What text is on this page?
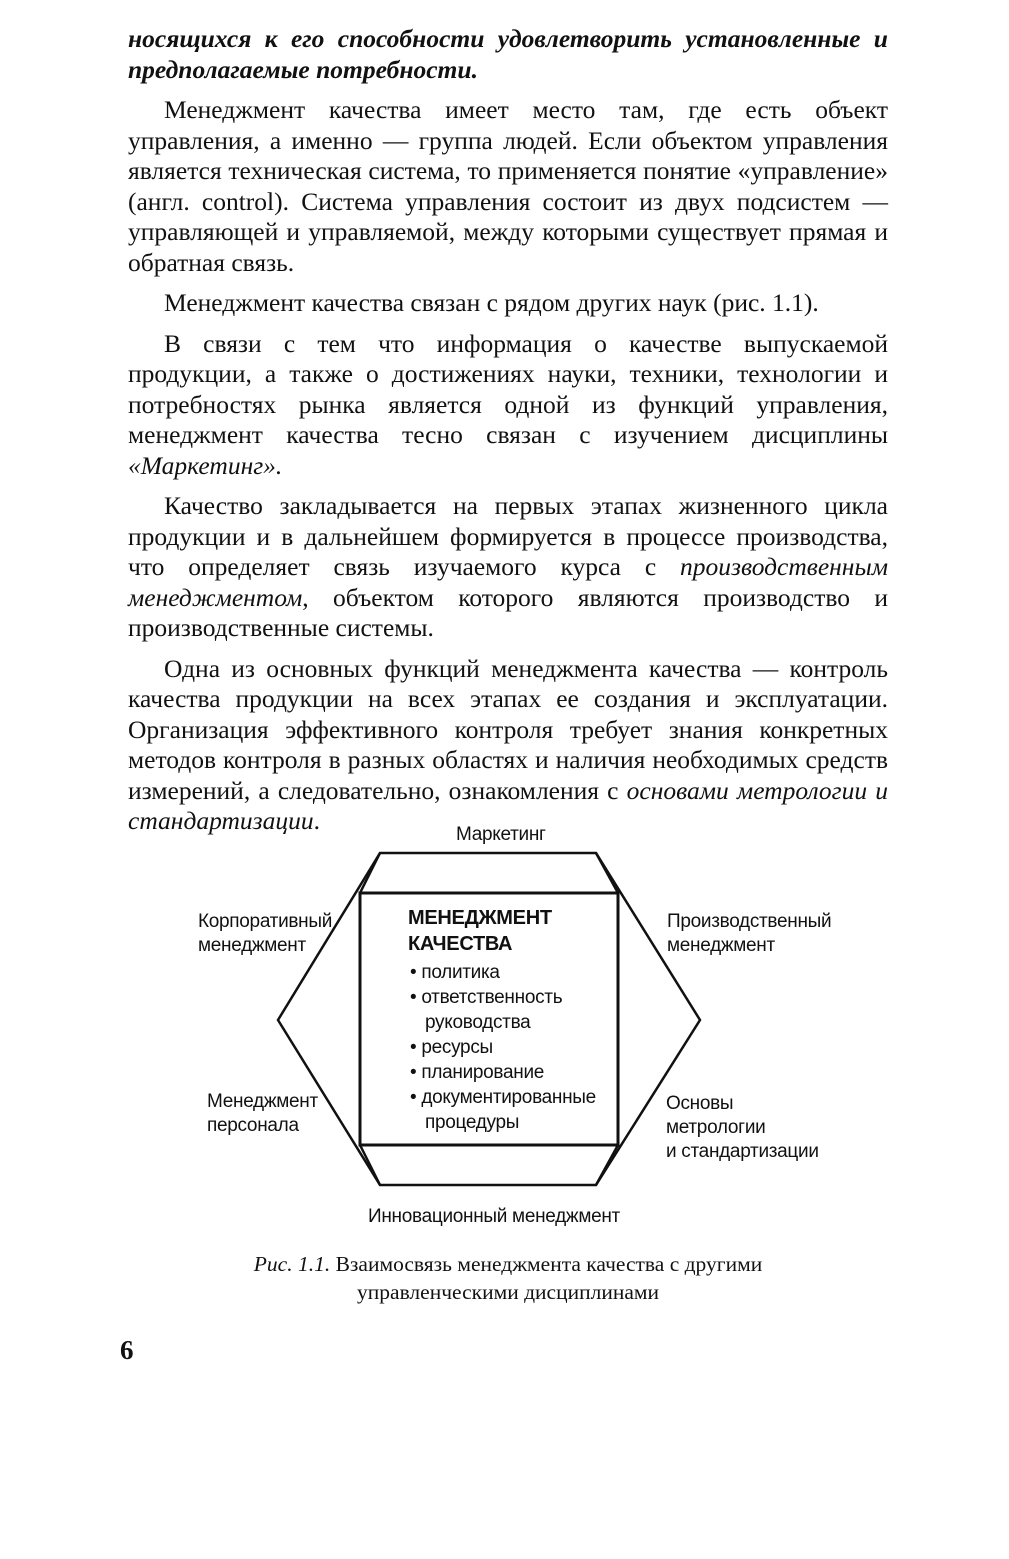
носящихся к его способности удовлетворить установленные и предполагаемые потребности.

Менеджмент качества имеет место там, где есть объект управления, а именно — группа людей. Если объектом управления является техническая система, то применяется понятие «управление» (англ. control). Система управления состоит из двух подсистем — управляющей и управляемой, между которыми существует прямая и обратная связь.

Менеджмент качества связан с рядом других наук (рис. 1.1).

В связи с тем что информация о качестве выпускаемой продукции, а также о достижениях науки, техники, технологии и потребностях рынка является одной из функций управления, менеджмент качества тесно связан с изучением дисциплины «Маркетинг».

Качество закладывается на первых этапах жизненного цикла продукции и в дальнейшем формируется в процессе производства, что определяет связь изучаемого курса с производственным менеджментом, объектом которого являются производство и производственные системы.

Одна из основных функций менеджмента качества — контроль качества продукции на всех этапах ее создания и эксплуатации. Организация эффективного контроля требует знания конкретных методов контроля в разных областях и наличия необходимых средств измерений, а следовательно, ознакомления с основами метрологии и стандартизации.	Маркетинг
Корпоративный
менеджмент
Производственный
менеджмент
Менеджмент
персонала
Основы
метрологии
и стандартизации
Инновационный менеджмент
МЕНЕДЖМЕНТ
КАЧЕСТВА
• политика
• ответственность
руководства
• ресурсы
• планирование
• документированные
процедуры
Рис. 1.1. Взаимосвязь менеджмента качества с другими
управленческими дисциплинами
6
